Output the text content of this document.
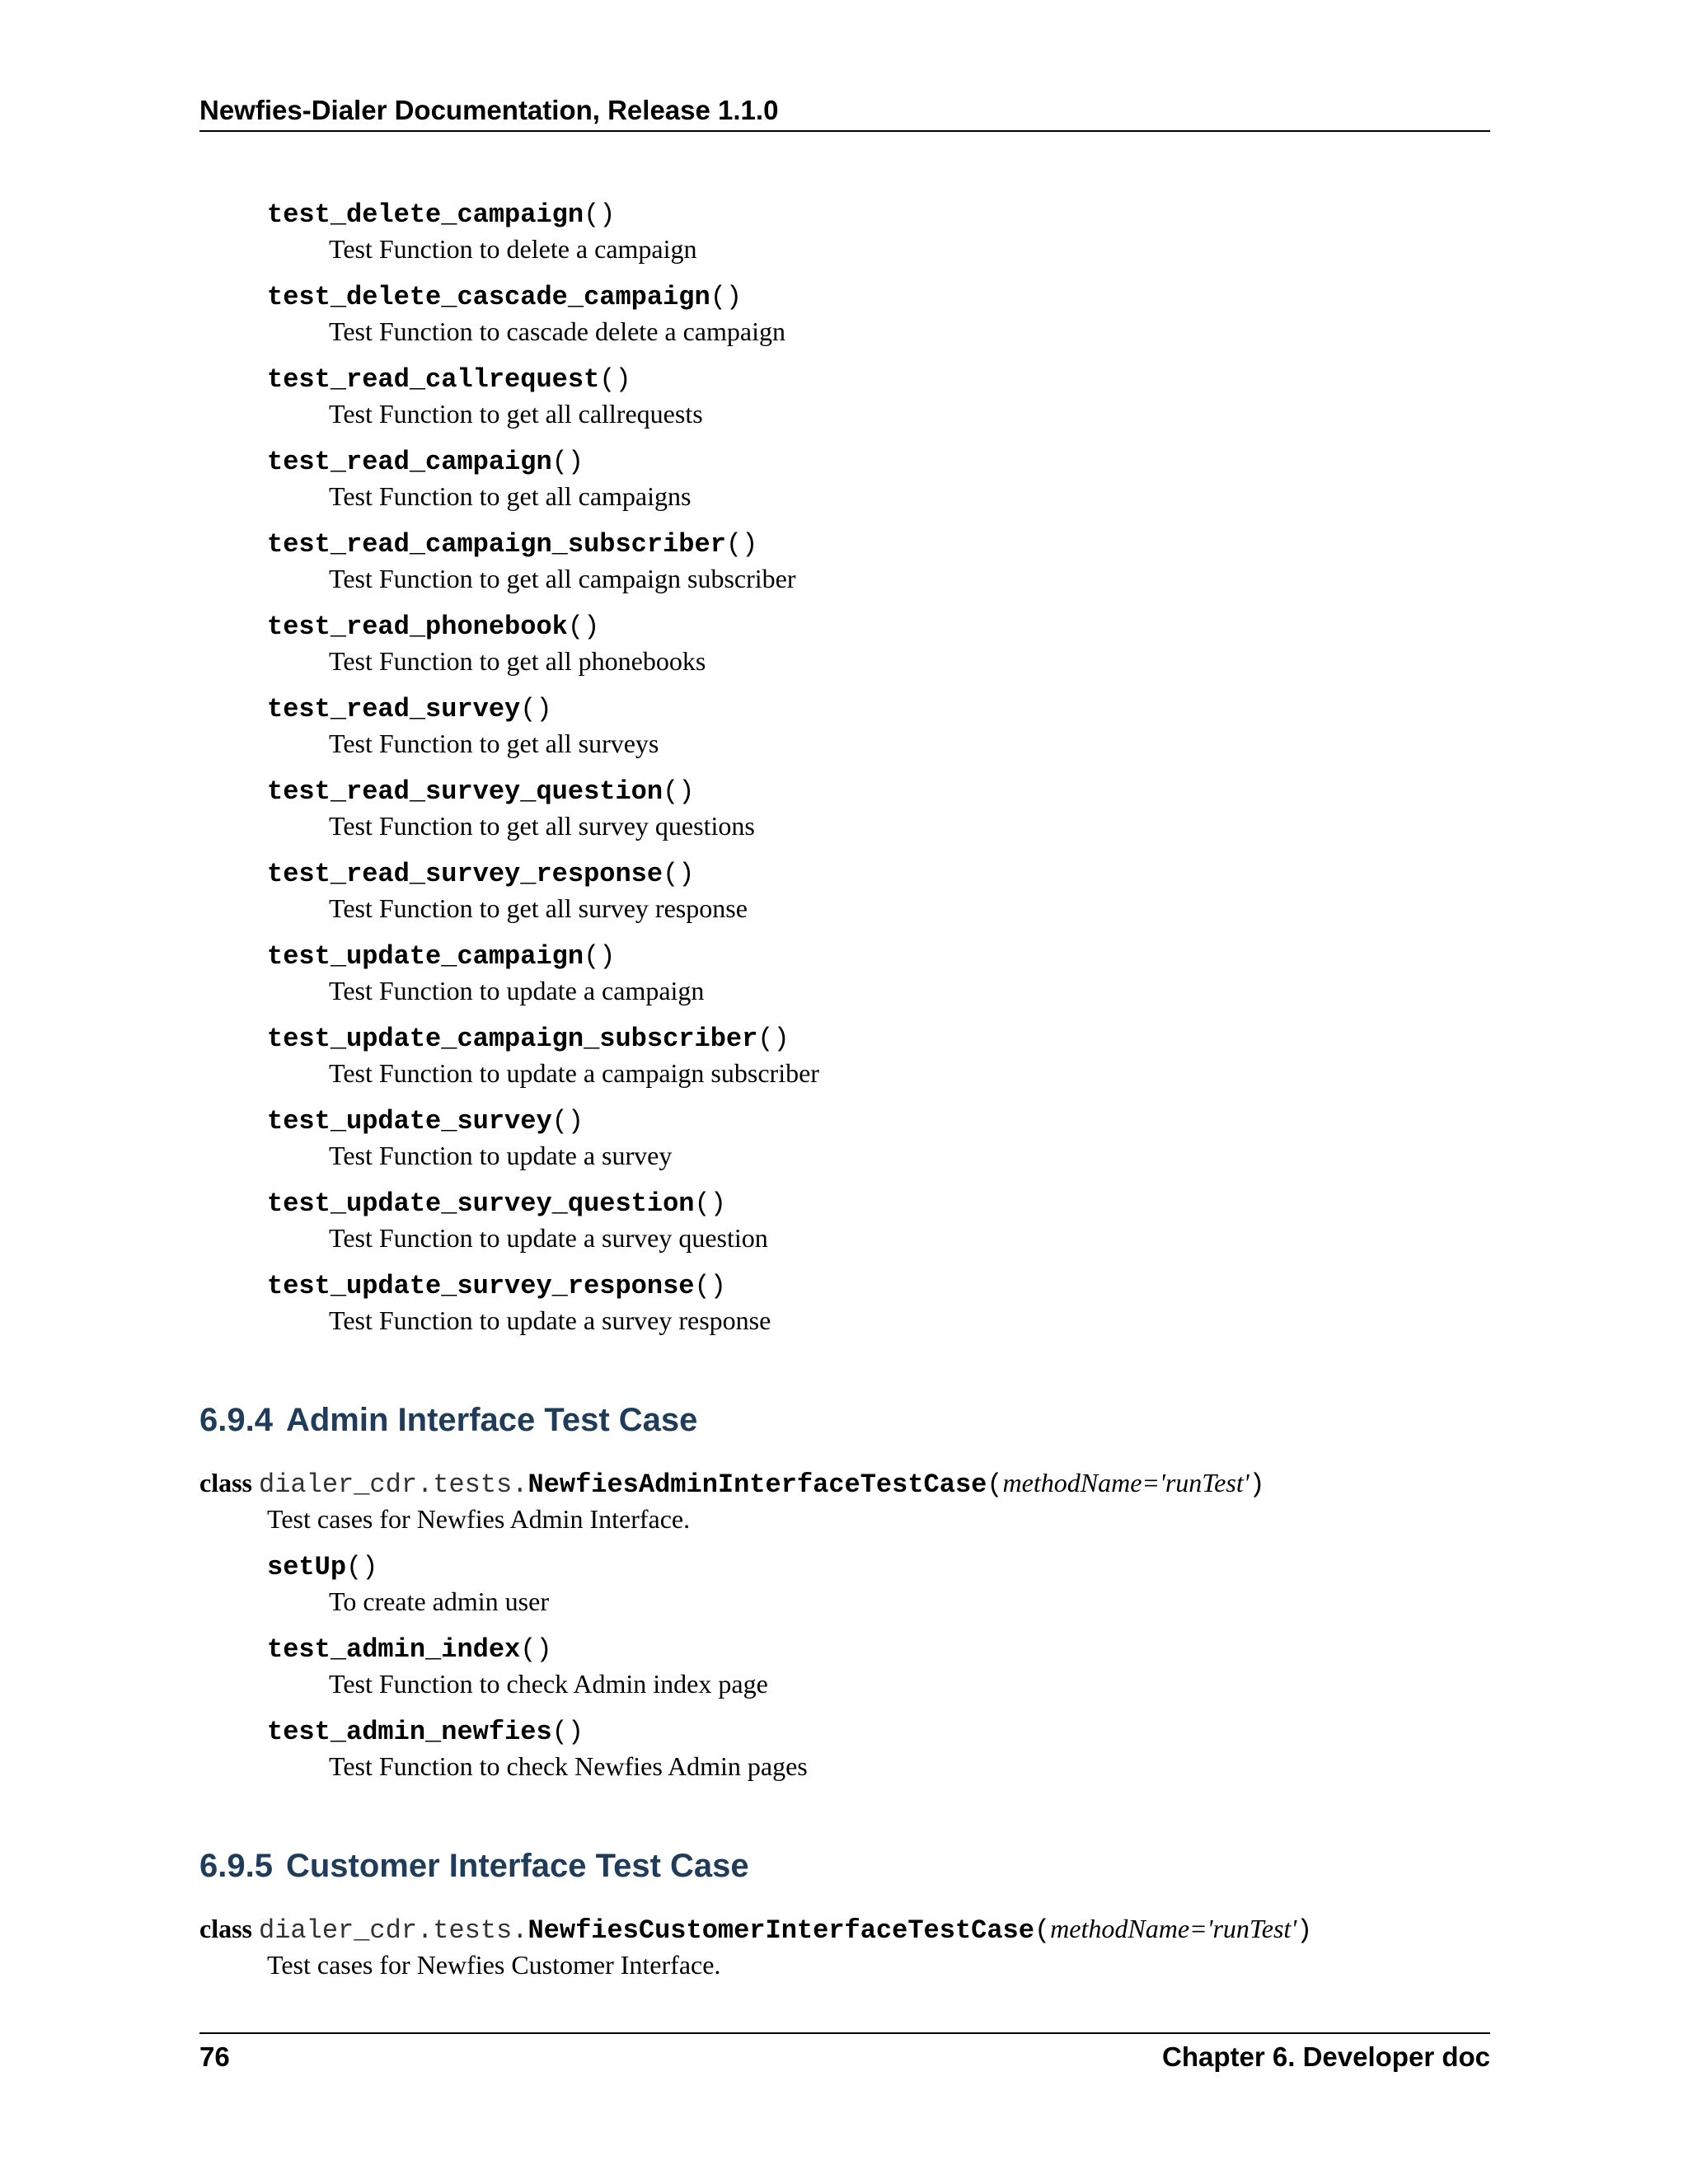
Newfies-Dialer Documentation, Release 1.1.0
test_delete_campaign()
Test Function to delete a campaign
test_delete_cascade_campaign()
Test Function to cascade delete a campaign
test_read_callrequest()
Test Function to get all callrequests
test_read_campaign()
Test Function to get all campaigns
test_read_campaign_subscriber()
Test Function to get all campaign subscriber
test_read_phonebook()
Test Function to get all phonebooks
test_read_survey()
Test Function to get all surveys
test_read_survey_question()
Test Function to get all survey questions
test_read_survey_response()
Test Function to get all survey response
test_update_campaign()
Test Function to update a campaign
test_update_campaign_subscriber()
Test Function to update a campaign subscriber
test_update_survey()
Test Function to update a survey
test_update_survey_question()
Test Function to update a survey question
test_update_survey_response()
Test Function to update a survey response
6.9.4 Admin Interface Test Case
class dialer_cdr.tests.NewfiesAdminInterfaceTestCase(methodName='runTest')
Test cases for Newfies Admin Interface.
setUp()
To create admin user
test_admin_index()
Test Function to check Admin index page
test_admin_newfies()
Test Function to check Newfies Admin pages
6.9.5 Customer Interface Test Case
class dialer_cdr.tests.NewfiesCustomerInterfaceTestCase(methodName='runTest')
Test cases for Newfies Customer Interface.
76	Chapter 6. Developer doc
